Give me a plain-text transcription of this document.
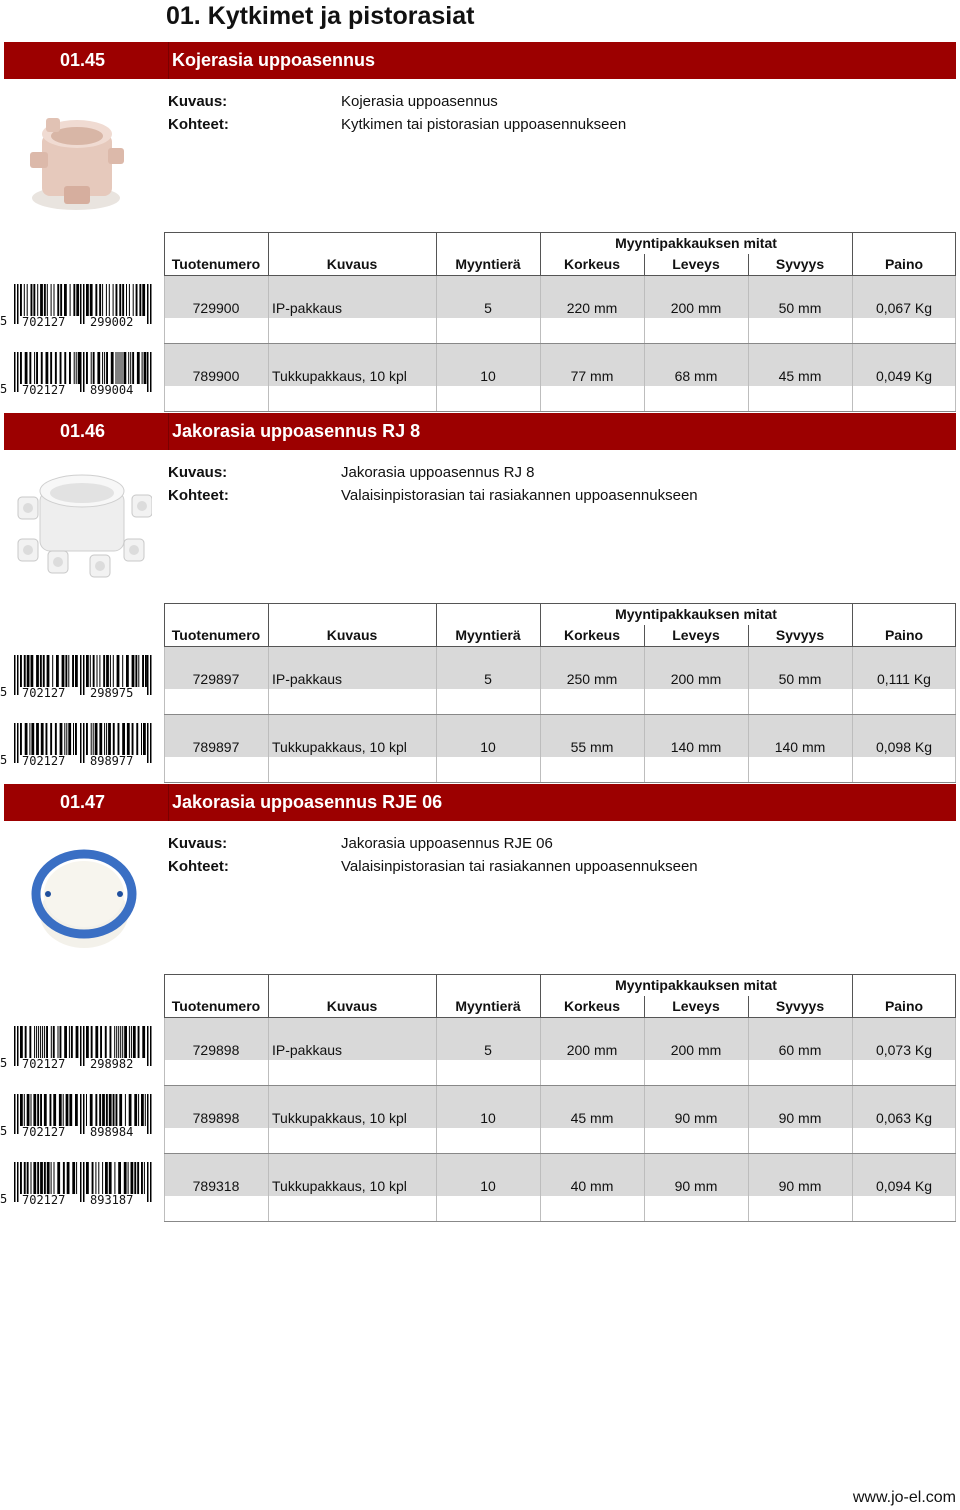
01. Kytkimet ja pistorasiat
01.45	Kojerasia uppoasennus
Kuvaus:	Kojerasia uppoasennus
Kohteet:	Kytkimen tai pistorasian uppoasennukseen
5 702127 299002
5 702127 899004
Myyntipakkauksen mitat
Tuotenumero	Kuvaus	Myyntierä	Korkeus	Leveys	Syvyys	Paino
729900	IP-pakkaus	5	220 mm	200 mm	50 mm	0,067 Kg
789900	Tukkupakkaus, 10 kpl	10	77 mm	68 mm	45 mm	0,049 Kg
01.46	Jakorasia uppoasennus RJ 8
Kuvaus:	Jakorasia uppoasennus RJ 8
Kohteet:	Valaisinpistorasian tai rasiakannen uppoasennukseen
5 702127 298975
5 702127 898977
Myyntipakkauksen mitat
Tuotenumero	Kuvaus	Myyntierä	Korkeus	Leveys	Syvyys	Paino
729897	IP-pakkaus	5	250 mm	200 mm	50 mm	0,111 Kg
789897	Tukkupakkaus, 10 kpl	10	55 mm	140 mm	140 mm	0,098 Kg
01.47	Jakorasia uppoasennus RJE 06
Kuvaus:	Jakorasia uppoasennus RJE 06
Kohteet:	Valaisinpistorasian tai rasiakannen uppoasennukseen
5 702127 298982
5 702127 898984
5 702127 893187
Myyntipakkauksen mitat
Tuotenumero	Kuvaus	Myyntierä	Korkeus	Leveys	Syvyys	Paino
729898	IP-pakkaus	5	200 mm	200 mm	60 mm	0,073 Kg
789898	Tukkupakkaus, 10 kpl	10	45 mm	90 mm	90 mm	0,063 Kg
789318	Tukkupakkaus, 10 kpl	10	40 mm	90 mm	90 mm	0,094 Kg
www.jo-el.com
